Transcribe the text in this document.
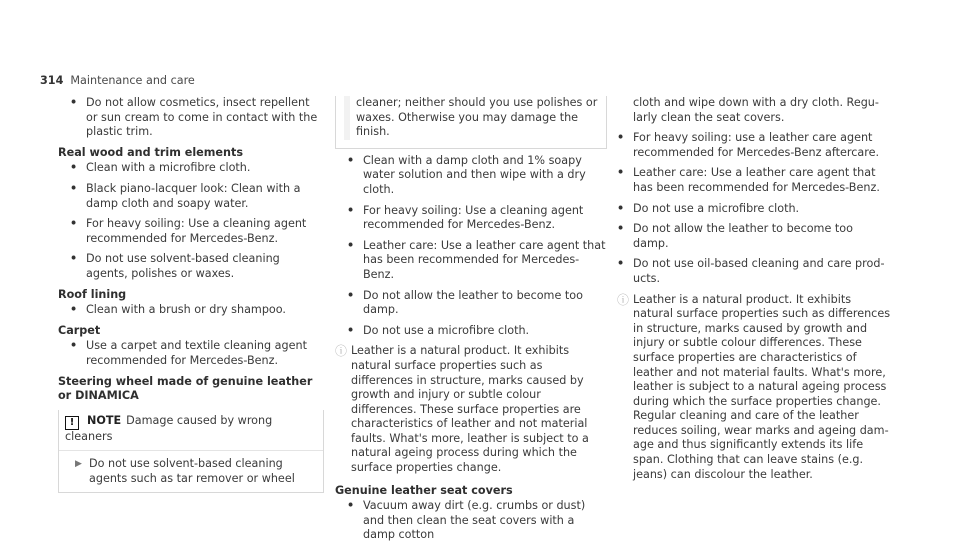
314 Maintenance and care
• Do not allow cosmetics, insect repellent or sun cream to come in contact with the plastic trim.
Real wood and trim elements
• Clean with a microfibre cloth.
• Black piano-lacquer look: Clean with a damp cloth and soapy water.
• For heavy soiling: Use a cleaning agent recommended for Mercedes-Benz.
• Do not use solvent-based cleaning agents, polishes or waxes.
Roof lining
• Clean with a brush or dry shampoo.
Carpet
• Use a carpet and textile cleaning agent recommended for Mercedes-Benz.
Steering wheel made of genuine leather or DINAMICA
! NOTE Damage caused by wrong cleaners
▶ Do not use solvent-based cleaning agents such as tar remover or wheel
cleaner; neither should you use polishes or waxes. Otherwise you may damage the finish.
• Clean with a damp cloth and 1% soapy water solution and then wipe with a dry cloth.
• For heavy soiling: Use a cleaning agent recommended for Mercedes-Benz.
• Leather care: Use a leather care agent that has been recommended for Mercedes-Benz.
• Do not allow the leather to become too damp.
• Do not use a microfibre cloth.
ⓘ Leather is a natural product. It exhibits natural surface properties such as differences in structure, marks caused by growth and injury or subtle colour differences. These surface properties are characteristics of leather and not material faults. What's more, leather is subject to a natural ageing process during which the surface properties change.
Genuine leather seat covers
• Vacuum away dirt (e.g. crumbs or dust) and then clean the seat covers with a damp cotton
cloth and wipe down with a dry cloth. Regularly clean the seat covers.
• For heavy soiling: use a leather care agent recommended for Mercedes-Benz aftercare.
• Leather care: Use a leather care agent that has been recommended for Mercedes-Benz.
• Do not use a microfibre cloth.
• Do not allow the leather to become too damp.
• Do not use oil-based cleaning and care products.
ⓘ Leather is a natural product. It exhibits natural surface properties such as differences in structure, marks caused by growth and injury or subtle colour differences. These surface properties are characteristics of leather and not material faults. What's more, leather is subject to a natural ageing process during which the surface properties change.
Regular cleaning and care of the leather reduces soiling, wear marks and ageing damage and thus significantly extends its life span. Clothing that can leave stains (e.g. jeans) can discolour the leather.
